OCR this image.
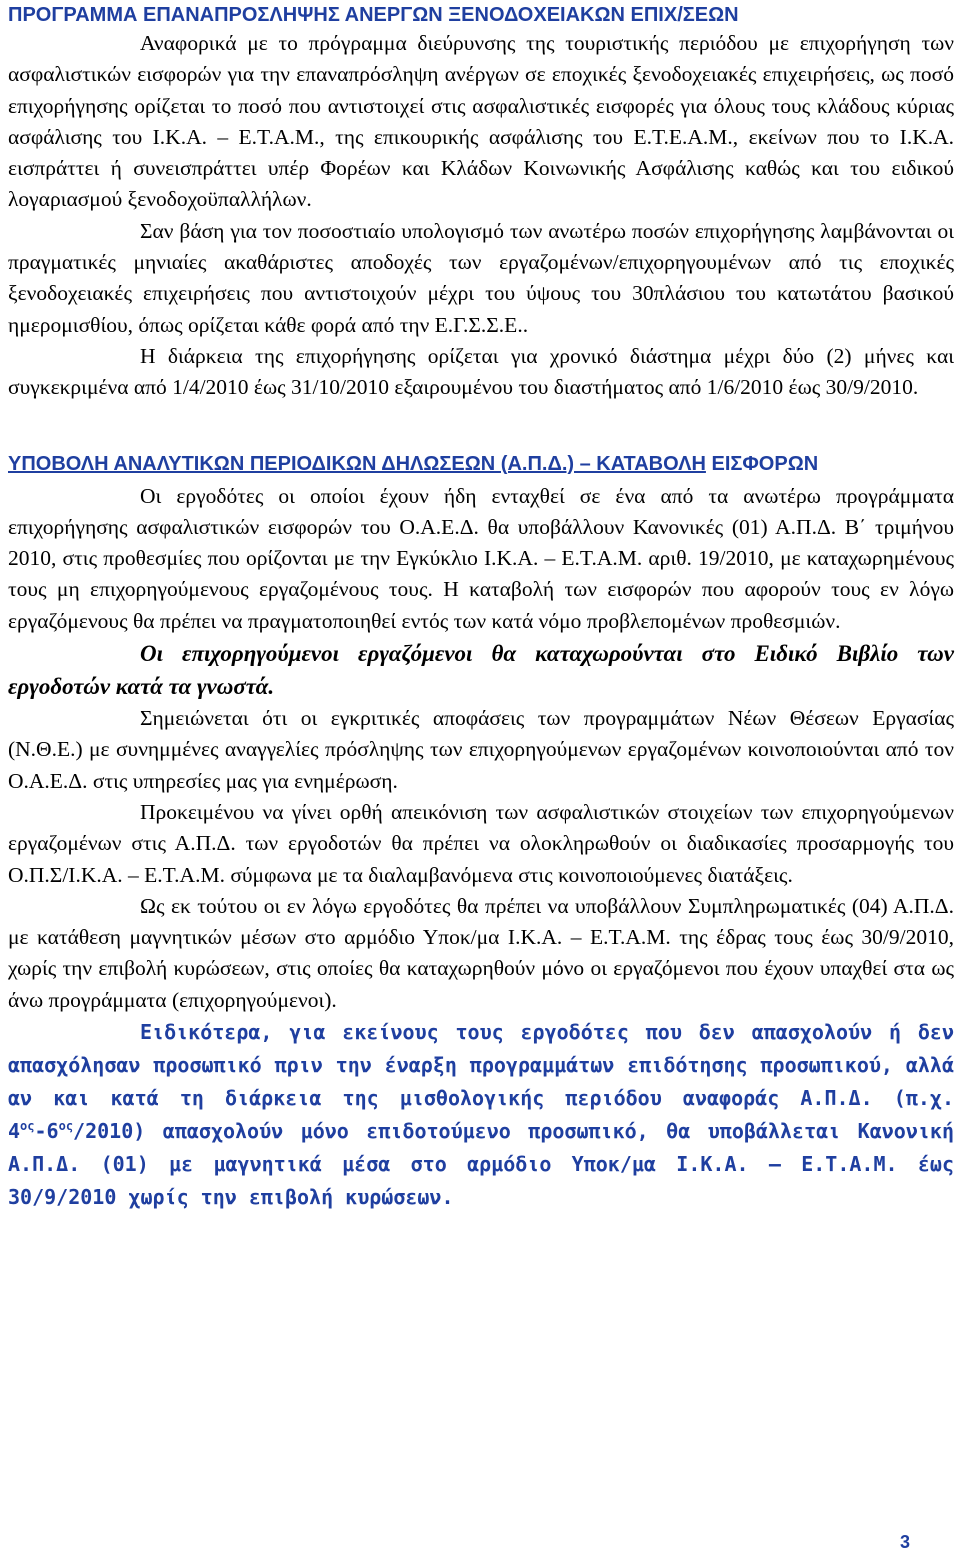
ΠΡΟΓΡΑΜΜΑ ΕΠΑΝΑΠΡΟΣΛΗΨΗΣ ΑΝΕΡΓΩΝ ΞΕΝΟΔΟΧΕΙΑΚΩΝ ΕΠΙΧ/ΣΕΩΝ

Αναφορικά με το πρόγραμμα διεύρυνσης της τουριστικής περιόδου με επιχορήγηση των ασφαλιστικών εισφορών για την επαναπρόσληψη ανέργων σε εποχικές ξενοδοχειακές επιχειρήσεις, ως ποσό επιχορήγησης ορίζεται το ποσό που αντιστοιχεί στις ασφαλιστικές εισφορές για όλους τους κλάδους κύριας ασφάλισης του Ι.Κ.Α. – Ε.Τ.Α.Μ., της επικουρικής ασφάλισης του Ε.Τ.Ε.Α.Μ., εκείνων που το Ι.Κ.Α. εισπράττει ή συνεισπράττει υπέρ Φορέων και Κλάδων Κοινωνικής Ασφάλισης καθώς και του ειδικού λογαριασμού ξενοδοχοϋπαλλήλων.

Σαν βάση για τον ποσοστιαίο υπολογισμό των ανωτέρω ποσών επιχορήγησης λαμβάνονται οι πραγματικές μηνιαίες ακαθάριστες αποδοχές των εργαζομένων/επιχορηγουμένων από τις εποχικές ξενοδοχειακές επιχειρήσεις που αντιστοιχούν μέχρι του ύψους του 30πλάσιου του κατωτάτου βασικού ημερομισθίου, όπως ορίζεται κάθε φορά από την Ε.Γ.Σ.Σ.Ε..

Η διάρκεια της επιχορήγησης ορίζεται για χρονικό διάστημα μέχρι δύο (2) μήνες και συγκεκριμένα από 1/4/2010 έως 31/10/2010 εξαιρουμένου του διαστήματος από 1/6/2010 έως 30/9/2010.

ΥΠΟΒΟΛΗ ΑΝΑΛΥΤΙΚΩΝ ΠΕΡΙΟΔΙΚΩΝ ΔΗΛΩΣΕΩΝ (Α.Π.Δ.) – ΚΑΤΑΒΟΛΗ ΕΙΣΦΟΡΩΝ

Οι εργοδότες οι οποίοι έχουν ήδη ενταχθεί σε ένα από τα ανωτέρω προγράμματα επιχορήγησης ασφαλιστικών εισφορών του Ο.Α.Ε.Δ. θα υποβάλλουν Κανονικές (01) Α.Π.Δ. Β΄ τριμήνου 2010, στις προθεσμίες που ορίζονται με την Εγκύκλιο Ι.Κ.Α. – Ε.Τ.Α.Μ. αριθ. 19/2010, με καταχωρημένους τους μη επιχορηγούμενους εργαζομένους τους. Η καταβολή των εισφορών που αφορούν τους εν λόγω εργαζόμενους θα πρέπει να πραγματοποιηθεί εντός των κατά νόμο προβλεπομένων προθεσμιών.

Οι επιχορηγούμενοι εργαζόμενοι θα καταχωρούνται στο Ειδικό Βιβλίο των εργοδοτών κατά τα γνωστά.

Σημειώνεται ότι οι εγκριτικές αποφάσεις των προγραμμάτων Νέων Θέσεων Εργασίας (Ν.Θ.Ε.) με συνημμένες αναγγελίες πρόσληψης των επιχορηγούμενων εργαζομένων κοινοποιούνται από τον Ο.Α.Ε.Δ. στις υπηρεσίες μας για ενημέρωση.

Προκειμένου να γίνει ορθή απεικόνιση των ασφαλιστικών στοιχείων των επιχορηγούμενων εργαζομένων στις Α.Π.Δ. των εργοδοτών θα πρέπει να ολοκληρωθούν οι διαδικασίες προσαρμογής του Ο.Π.Σ/Ι.Κ.Α. – Ε.Τ.Α.Μ. σύμφωνα με τα διαλαμβανόμενα στις κοινοποιούμενες διατάξεις.

Ως εκ τούτου οι εν λόγω εργοδότες θα πρέπει να υποβάλλουν Συμπληρωματικές (04) Α.Π.Δ. με κατάθεση μαγνητικών μέσων στο αρμόδιο Υποκ/μα Ι.Κ.Α. – Ε.Τ.Α.Μ. της έδρας τους έως 30/9/2010, χωρίς την επιβολή κυρώσεων, στις οποίες θα καταχωρηθούν μόνο οι εργαζόμενοι που έχουν υπαχθεί στα ως άνω προγράμματα (επιχορηγούμενοι).

Ειδικότερα, για εκείνους τους εργοδότες που δεν απασχολούν ή δεν απασχόλησαν προσωπικό πριν την έναρξη προγραμμάτων επιδότησης προσωπικού, αλλά αν και κατά τη διάρκεια της μισθολογικής περιόδου αναφοράς Α.Π.Δ. (π.χ. $4^{o\varsigma}-6^{o\varsigma}/2010$) απασχολούν μόνο επιδοτούμενο προσωπικό, θα υποβάλλεται Κανονική Α.Π.Δ. (01) με μαγνητικά μέσα στο αρμόδιο Υποκ/μα Ι.Κ.Α. – Ε.Τ.Α.Μ. έως 30/9/2010 χωρίς την επιβολή κυρώσεων.

3
